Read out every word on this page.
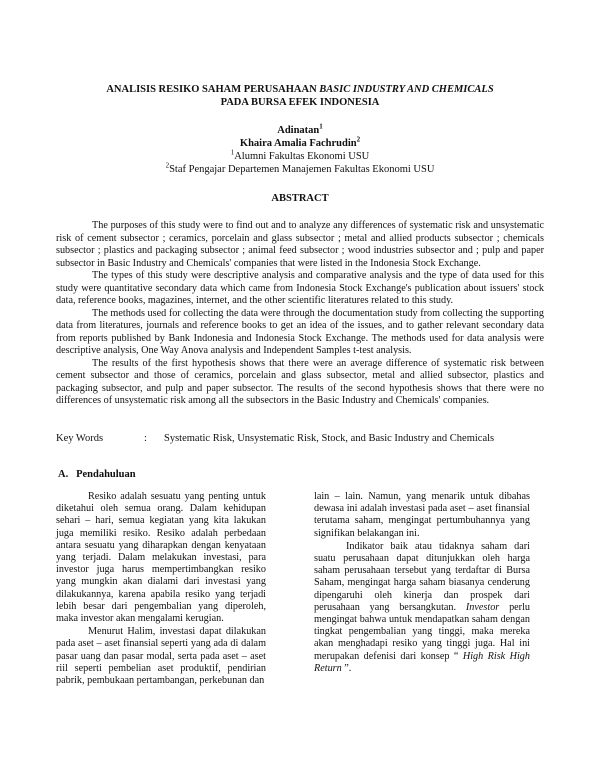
ANALISIS RESIKO SAHAM PERUSAHAAN BASIC INDUSTRY AND CHEMICALS
PADA BURSA EFEK INDONESIA
Adinatan$^1$
Khaira Amalia Fachrudin$^2$
$^1$Alumni Fakultas Ekonomi USU
$^2$Staf Pengajar Departemen Manajemen Fakultas Ekonomi USU
ABSTRACT

The purposes of this study were to find out and to analyze any differences of systematic risk and unsystematic risk of cement subsector ; ceramics, porcelain and glass subsector ; metal and allied products subsector ; chemicals subsector ; plastics and packaging subsector ; animal feed subsector ; wood industries subsector and ; pulp and paper subsector in Basic Industry and Chemicals' companies that were listed in the Indonesia Stock Exchange.

The types of this study were descriptive analysis and comparative analysis and the type of data used for this study were quantitative secondary data which came from Indonesia Stock Exchange's publication about issuers' stock data, reference books, magazines, internet, and the other scientific literatures related to this study.

The methods used for collecting the data were through the documentation study from collecting the supporting data from literatures, journals and reference books to get an idea of the issues, and to gather relevant secondary data from reports published by Bank Indonesia and Indonesia Stock Exchange. The methods used for data analysis were descriptive analysis, One Way Anova analysis and Independent Samples t-test analysis.

The results of the first hypothesis shows that there were an average difference of systematic risk between cement subsector and those of ceramics, porcelain and glass subsector, metal and allied subsector, plastics and packaging subsector, and pulp and paper subsector. The results of the second hypothesis shows that there were no differences of unsystematic risk among all the subsectors in the Basic Industry and Chemicals' companies.

Key Words	: Systematic Risk, Unsystematic Risk, Stock, and Basic Industry and Chemicals
A.   Pendahuluan

Resiko adalah sesuatu yang penting untuk diketahui oleh semua orang. Dalam kehidupan sehari – hari, semua kegiatan yang kita lakukan juga memiliki resiko. Resiko adalah perbedaan antara sesuatu yang diharapkan dengan kenyataan yang terjadi. Dalam melakukan investasi, para investor juga harus mempertimbangkan resiko yang mungkin akan dialami dari investasi yang dilakukannya, karena apabila resiko yang terjadi lebih besar dari pengembalian yang diperoleh, maka investor akan mengalami kerugian.

Menurut Halim, investasi dapat dilakukan pada aset – aset finansial seperti yang ada di dalam pasar uang dan pasar modal, serta pada aset – aset riil seperti pembelian aset produktif, pendirian pabrik, pembukaan pertambangan, perkebunan dan

lain – lain. Namun, yang menarik untuk dibahas dewasa ini adalah investasi pada aset – aset finansial terutama saham, mengingat pertumbuhannya yang signifikan belakangan ini.

Indikator baik atau tidaknya saham dari suatu perusahaan dapat ditunjukkan oleh harga saham perusahaan tersebut yang terdaftar di Bursa Saham, mengingat harga saham biasanya cenderung dipengaruhi oleh kinerja dan prospek dari perusahaan yang bersangkutan. Investor perlu mengingat bahwa untuk mendapatkan saham dengan tingkat pengembalian yang tinggi, maka mereka akan menghadapi resiko yang tinggi juga. Hal ini merupakan defenisi dari konsep “ High Risk High Return ”.
